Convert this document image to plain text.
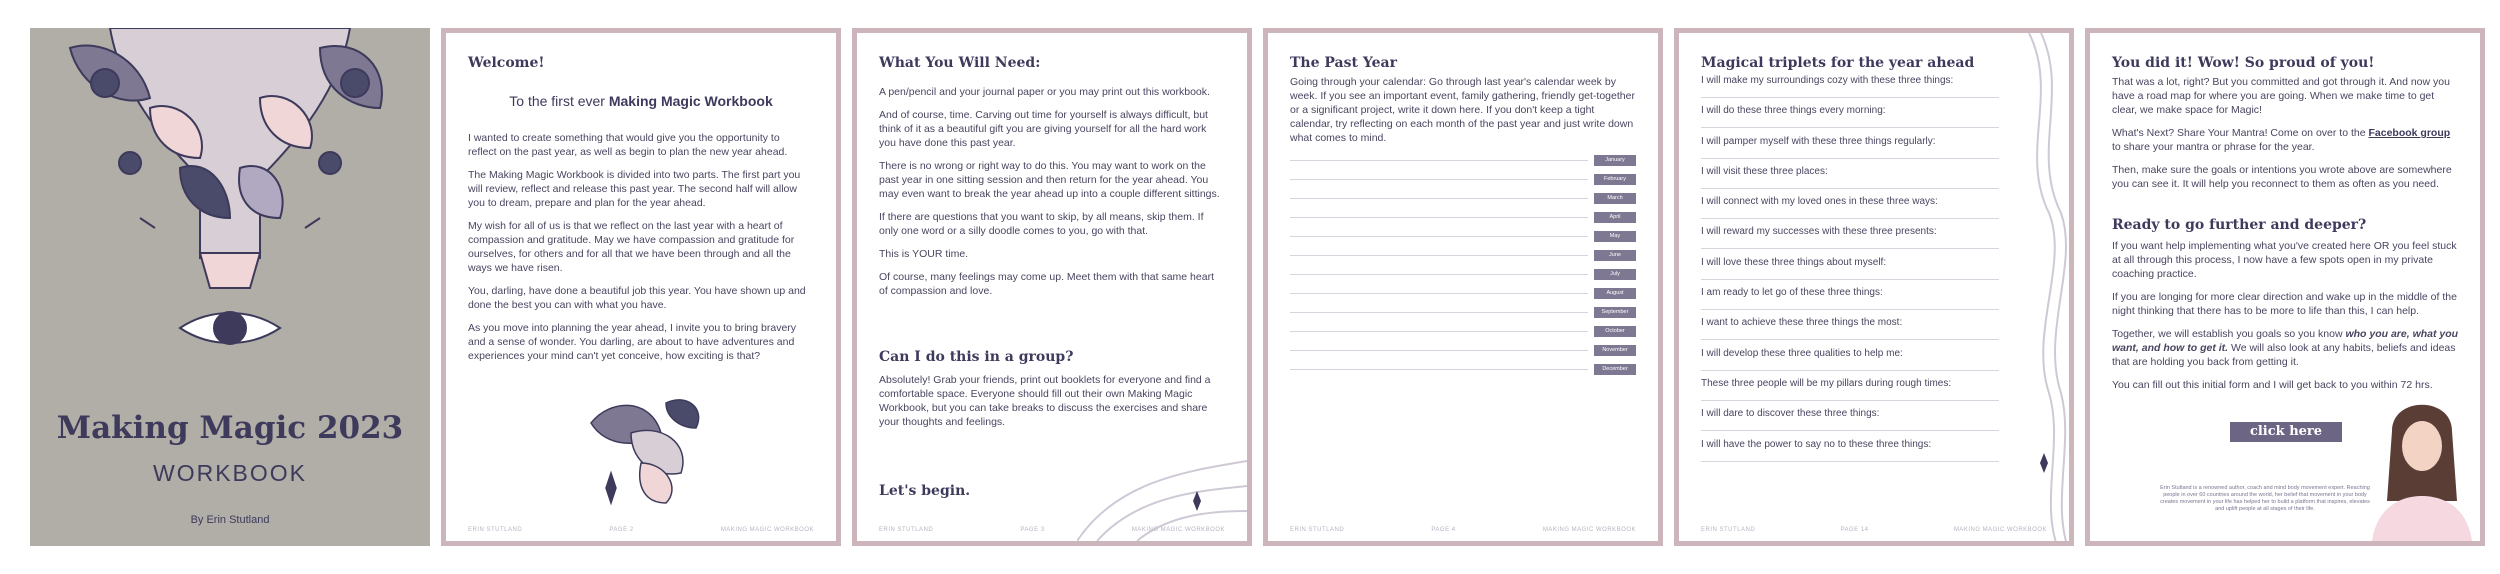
Making Magic 2023
WORKBOOK
By Erin Stutland
Welcome!
To the first ever Making Magic Workbook

I wanted to create something that would give you the opportunity to reflect on the past year, as well as begin to plan the new year ahead.

The Making Magic Workbook is divided into two parts. The first part you will review, reflect and release this past year. The second half will allow you to dream, prepare and plan for the year ahead.

My wish for all of us is that we reflect on the last year with a heart of compassion and gratitude. May we have compassion and gratitude for ourselves, for others and for all that we have been through and all the ways we have risen.

You, darling, have done a beautiful job this year. You have shown up and done the best you can with what you have.

As you move into planning the year ahead, I invite you to bring bravery and a sense of wonder. You darling, are about to have adventures and experiences your mind can't yet conceive, how exciting is that?

ERIN STUTLAND	PAGE 2	MAKING MAGIC WORKBOOK
What You Will Need:

A pen/pencil and your journal paper or you may print out this workbook.

And of course, time. Carving out time for yourself is always difficult, but think of it as a beautiful gift you are giving yourself for all the hard work you have done this past year.

There is no wrong or right way to do this. You may want to work on the past year in one sitting session and then return for the year ahead. You may even want to break the year ahead up into a couple different sittings.

If there are questions that you want to skip, by all means, skip them. If only one word or a silly doodle comes to you, go with that.

This is YOUR time.

Of course, many feelings may come up. Meet them with that same heart of compassion and love.

Can I do this in a group?
Absolutely! Grab your friends, print out booklets for everyone and find a comfortable space. Everyone should fill out their own Making Magic Workbook, but you can take breaks to discuss the exercises and share your thoughts and feelings.
Let's begin.
ERIN STUTLAND	PAGE 3	MAKING MAGIC WORKBOOK
The Past Year
Going through your calendar: Go through last year's calendar week by week. If you see an important event, family gathering, friendly get-together or a significant project, write it down here. If you don't keep a tight calendar, try reflecting on each month of the past year and just write down what comes to mind.
January
February
March
April
May
June
July
August
September
October
November
December
ERIN STUTLAND	PAGE 4	MAKING MAGIC WORKBOOK
Magical triplets for the year ahead
I will make my surroundings cozy with these three things:
I will do these three things every morning:
I will pamper myself with these three things regularly:
I will visit these three places:
I will connect with my loved ones in these three ways:
I will reward my successes with these three presents:
I will love these three things about myself:
I am ready to let go of these three things:
I want to achieve these three things the most:
I will develop these three qualities to help me:
These three people will be my pillars during rough times:
I will dare to discover these three things:
I will have the power to say no to these three things:
ERIN STUTLAND	PAGE 14	MAKING MAGIC WORKBOOK
You did it! Wow! So proud of you!

That was a lot, right? But you committed and got through it. And now you have a road map for where you are going. When we make time to get clear, we make space for Magic!

What's Next? Share Your Mantra! Come on over to the Facebook group to share your mantra or phrase for the year.

Then, make sure the goals or intentions you wrote above are somewhere you can see it. It will help you reconnect to them as often as you need.

Ready to go further and deeper?

If you want help implementing what you've created here OR you feel stuck at all through this process, I now have a few spots open in my private coaching practice.

If you are longing for more clear direction and wake up in the middle of the night thinking that there has to be more to life than this, I can help.

Together, we will establish you goals so you know who you are, what you want, and how to get it. We will also look at any habits, beliefs and ideas that are holding you back from getting it.

You can fill out this initial form and I will get back to you within 72 hrs.

click here
Erin Stutland is a renowned author, coach and mind body movement expert. Reaching people in over 60 countries around the world, her belief that movement in your body creates movement in your life has helped her to build a platform that inspires, elevates and uplift people at all stages of their life.
